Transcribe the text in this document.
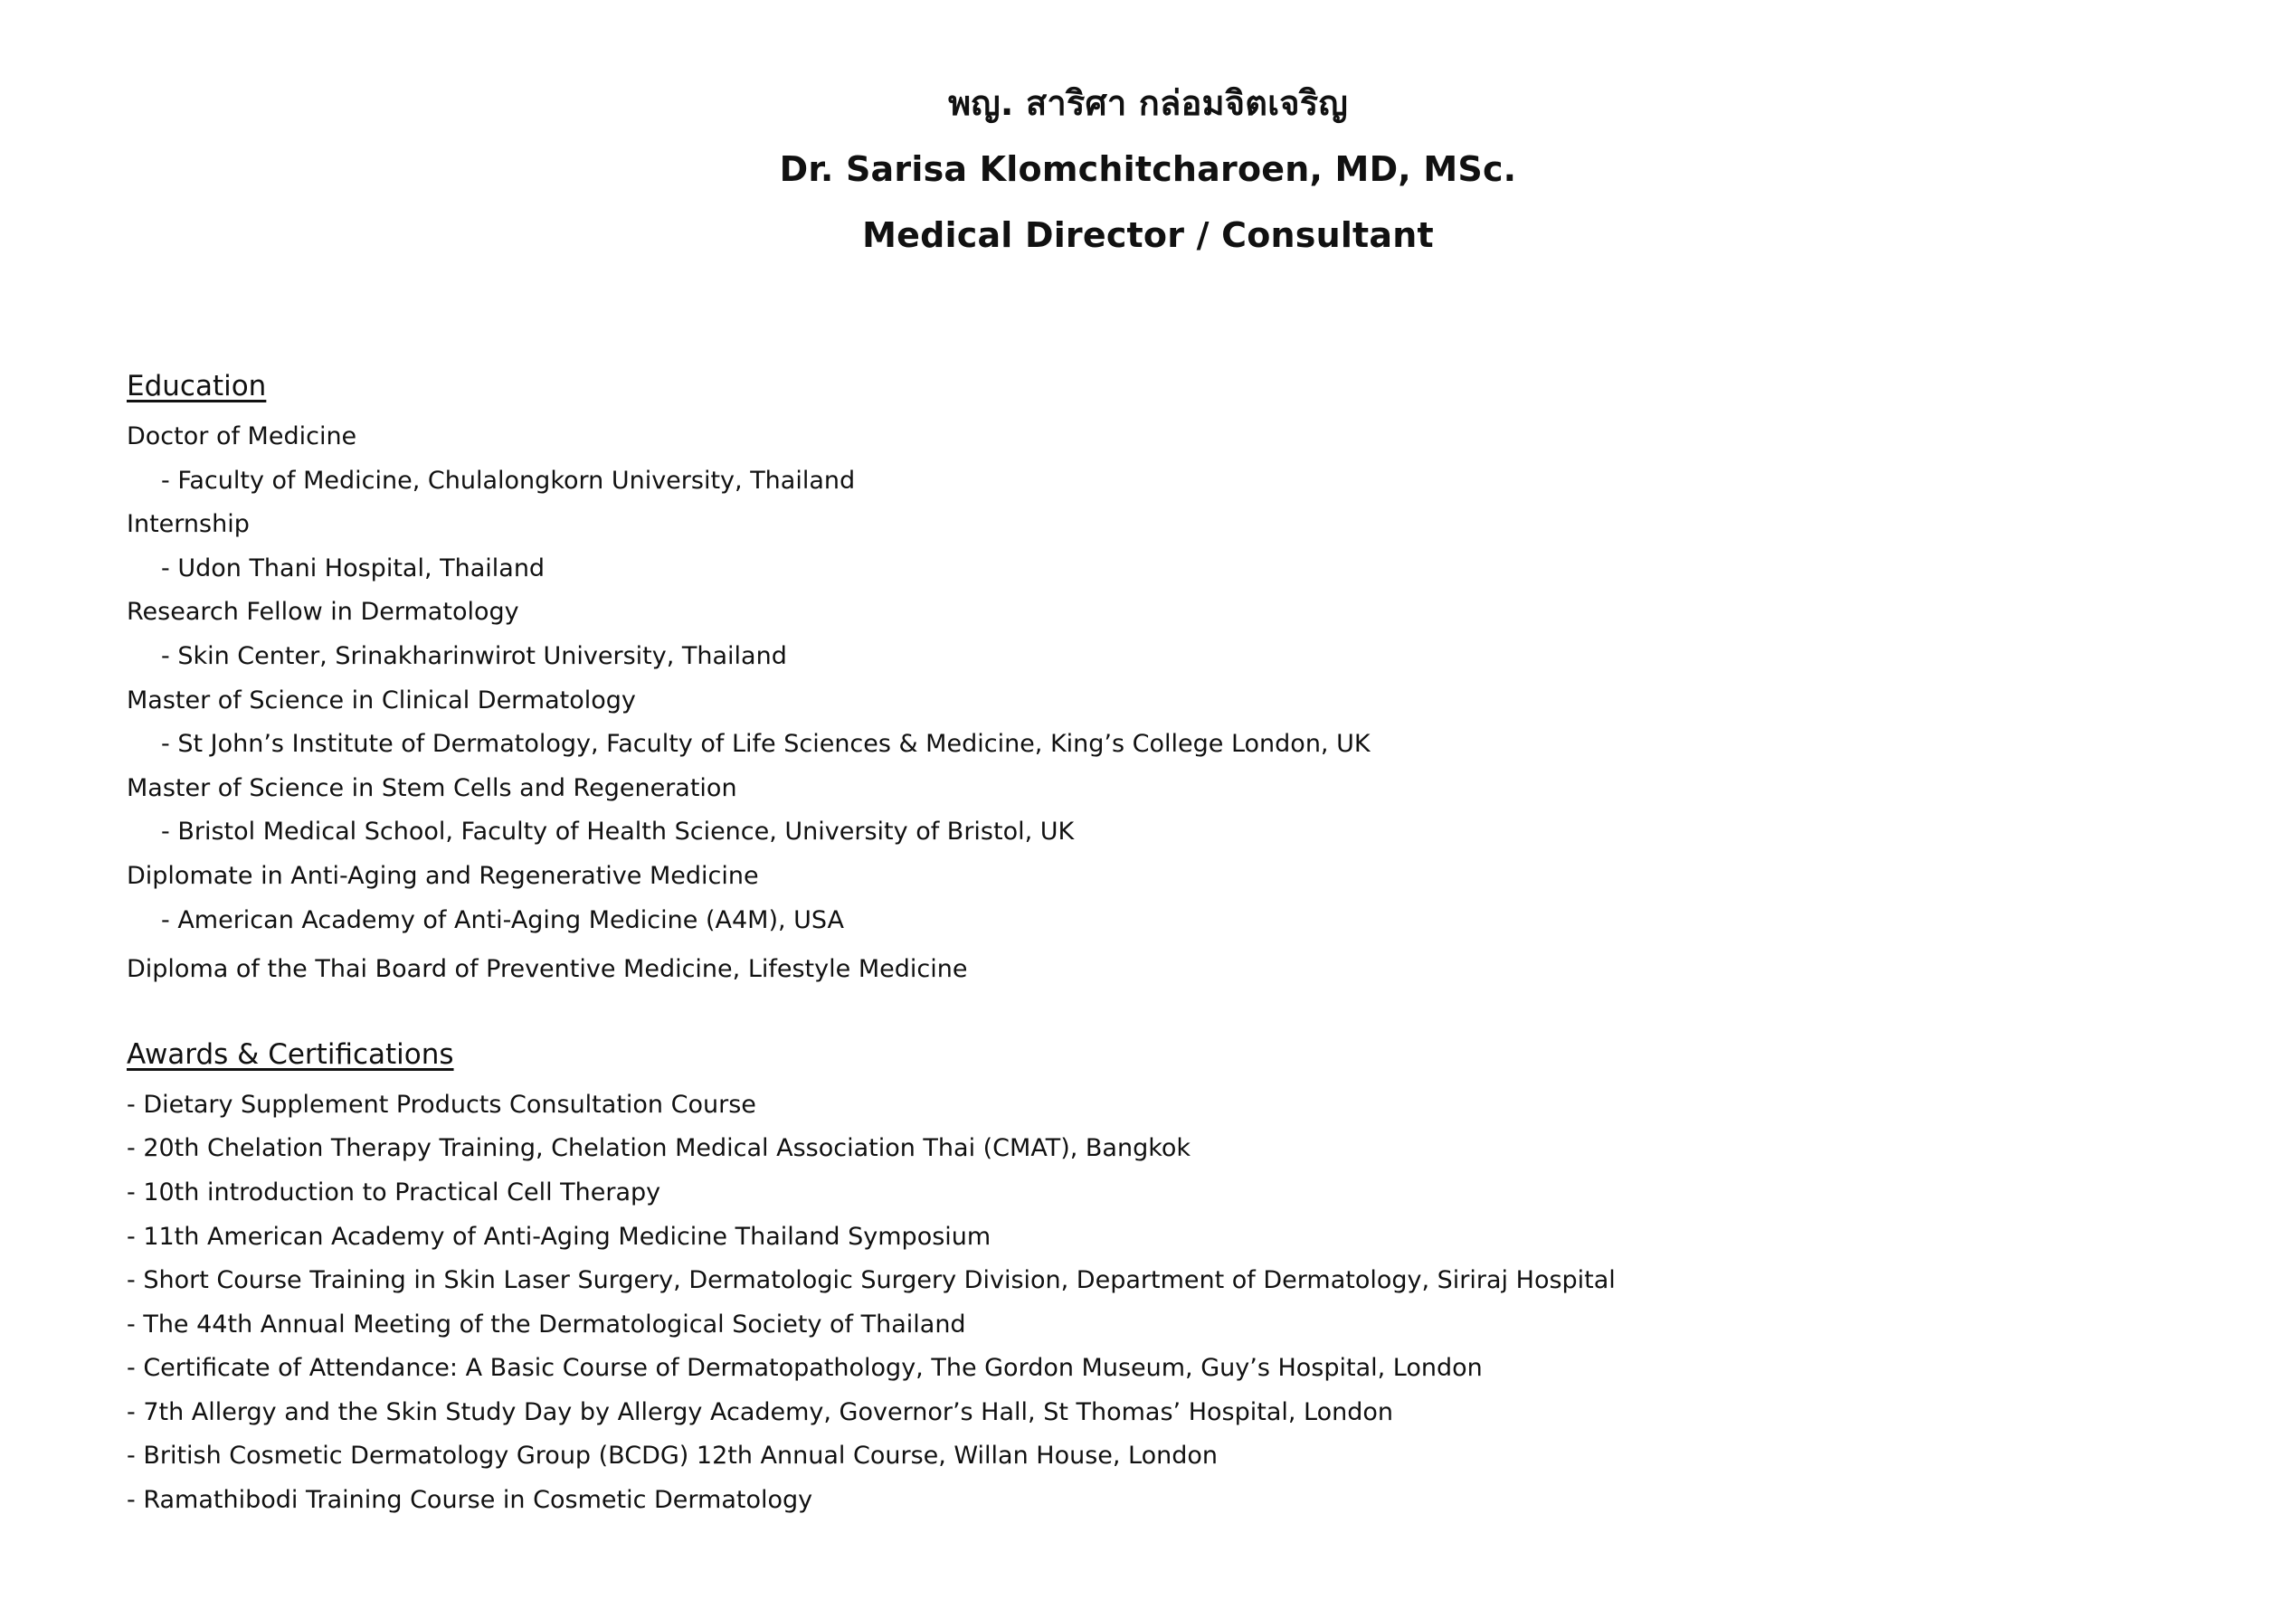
พญ. สาริศา กล่อมจิตเจริญ
Dr. Sarisa Klomchitcharoen, MD, MSc.
Medical Director / Consultant
Education
Doctor of Medicine
- Faculty of Medicine, Chulalongkorn University, Thailand
Internship
- Udon Thani Hospital, Thailand
Research Fellow in Dermatology
- Skin Center, Srinakharinwirot University, Thailand
Master of Science in Clinical Dermatology
- St John’s Institute of Dermatology, Faculty of Life Sciences & Medicine, King’s College London, UK
Master of Science in Stem Cells and Regeneration
- Bristol Medical School, Faculty of Health Science, University of Bristol, UK
Diplomate in Anti-Aging and Regenerative Medicine
- American Academy of Anti-Aging Medicine (A4M), USA
Diploma of the Thai Board of Preventive Medicine, Lifestyle Medicine
Awards & Certifications
- Dietary Supplement Products Consultation Course
- 20th Chelation Therapy Training, Chelation Medical Association Thai (CMAT), Bangkok
- 10th introduction to Practical Cell Therapy
- 11th American Academy of Anti-Aging Medicine Thailand Symposium
- Short Course Training in Skin Laser Surgery, Dermatologic Surgery Division, Department of Dermatology, Siriraj Hospital
- The 44th Annual Meeting of the Dermatological Society of Thailand
- Certificate of Attendance: A Basic Course of Dermatopathology, The Gordon Museum, Guy’s Hospital, London
- 7th Allergy and the Skin Study Day by Allergy Academy, Governor’s Hall, St Thomas’ Hospital, London
- British Cosmetic Dermatology Group (BCDG) 12th Annual Course, Willan House, London
- Ramathibodi Training Course in Cosmetic Dermatology
